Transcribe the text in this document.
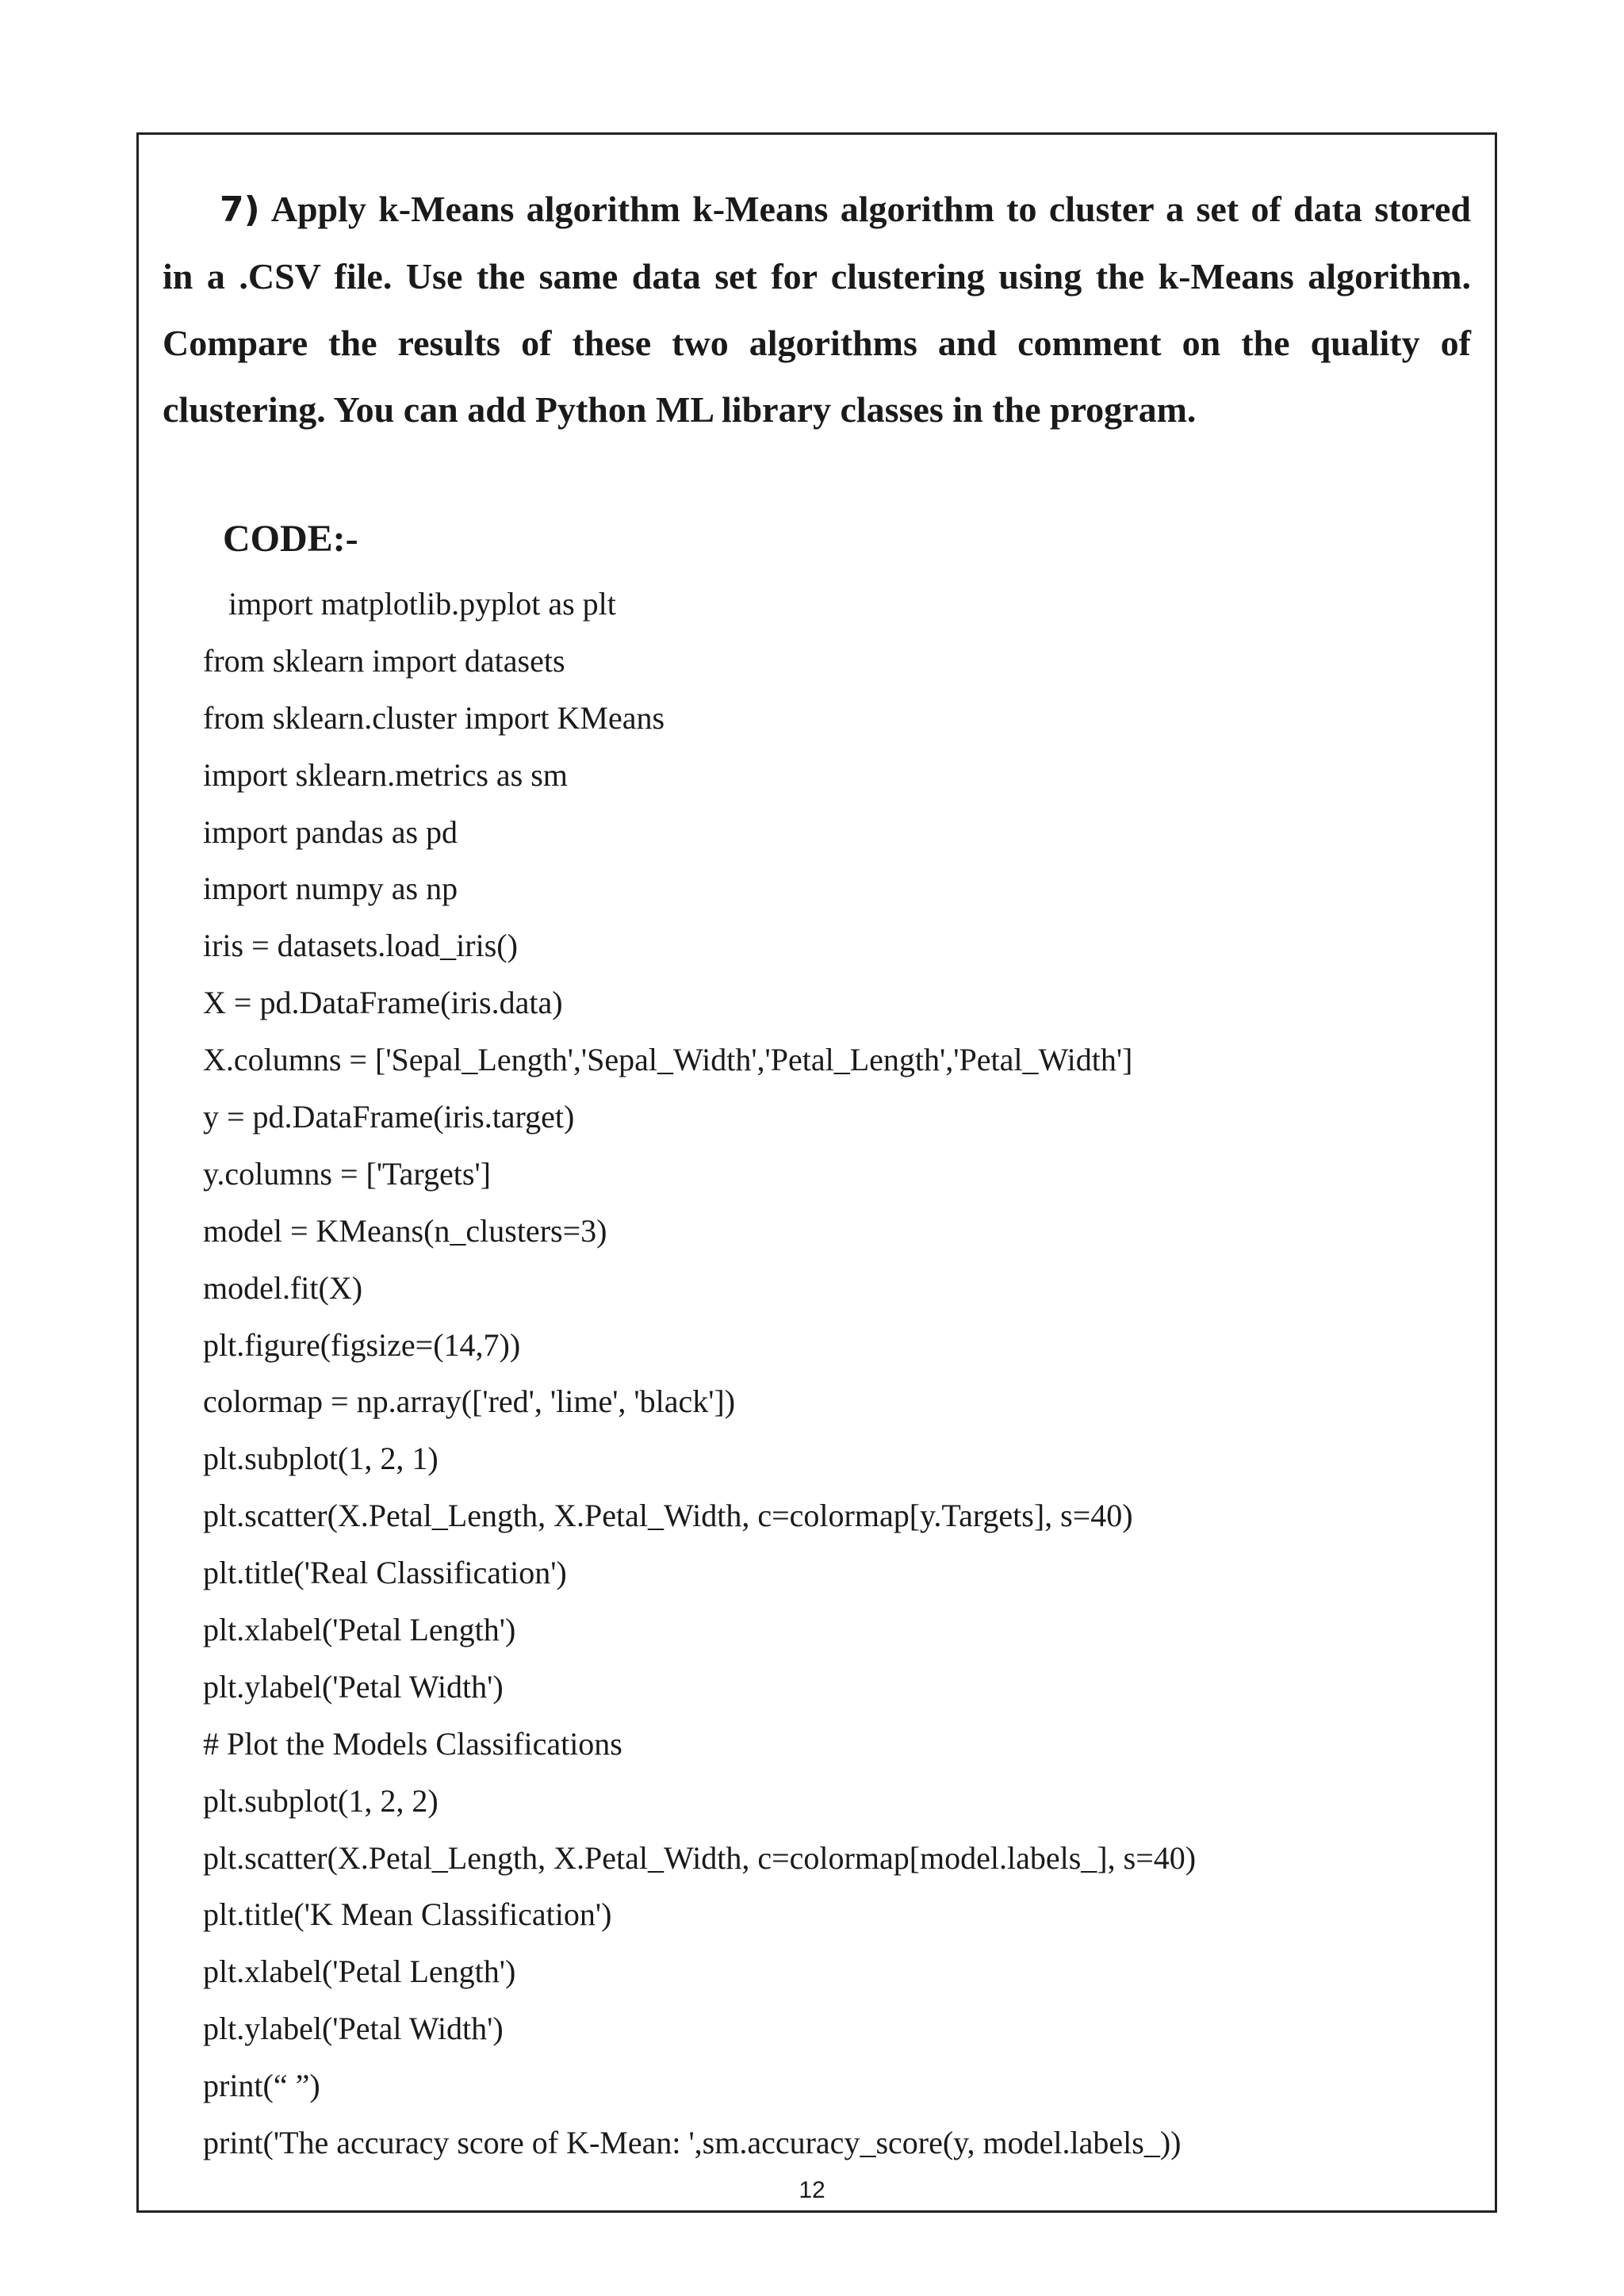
7) Apply k-Means algorithm k-Means algorithm to cluster a set of data stored in a .CSV file. Use the same data set for clustering using the k-Means algorithm. Compare the results of these two algorithms and comment on the quality of clustering. You can add Python ML library classes in the program.
CODE:-
import matplotlib.pyplot as plt
from sklearn import datasets
from sklearn.cluster import KMeans
import sklearn.metrics as sm
import pandas as pd
import numpy as np
iris = datasets.load_iris()
X = pd.DataFrame(iris.data)
X.columns = ['Sepal_Length','Sepal_Width','Petal_Length','Petal_Width']
y = pd.DataFrame(iris.target)
y.columns = ['Targets']
model = KMeans(n_clusters=3)
model.fit(X)
plt.figure(figsize=(14,7))
colormap = np.array(['red', 'lime', 'black'])
plt.subplot(1, 2, 1)
plt.scatter(X.Petal_Length, X.Petal_Width, c=colormap[y.Targets], s=40)
plt.title('Real Classification')
plt.xlabel('Petal Length')
plt.ylabel('Petal Width')
# Plot the Models Classifications
plt.subplot(1, 2, 2)
plt.scatter(X.Petal_Length, X.Petal_Width, c=colormap[model.labels_], s=40)
plt.title('K Mean Classification')
plt.xlabel('Petal Length')
plt.ylabel('Petal Width')
print(“ ”)
print('The accuracy score of K-Mean: ',sm.accuracy_score(y, model.labels_))
12
